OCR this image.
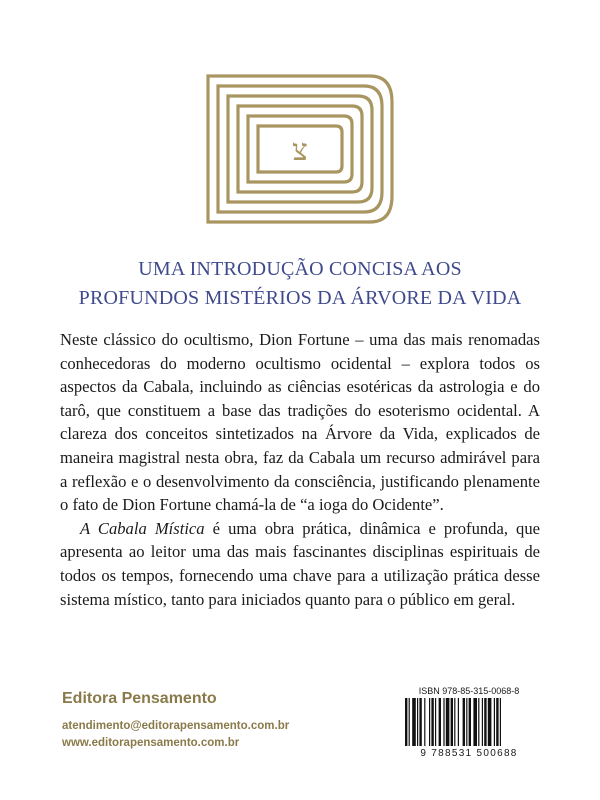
צ
UMA INTRODUÇÃO CONCISA AOS
PROFUNDOS MISTÉRIOS DA ÁRVORE DA VIDA

Neste clássico do ocultismo, Dion Fortune – uma das mais renomadas conhecedoras do moderno ocultismo ocidental – explora todos os aspectos da Cabala, incluindo as ciências esotéricas da astrologia e do tarô, que constituem a base das tradições do esoterismo ocidental. A clareza dos conceitos sintetizados na Árvore da Vida, explicados de maneira magistral nesta obra, faz da Cabala um recurso admirável para a reflexão e o desenvolvimento da consciência, justificando plenamente o fato de Dion Fortune chamá-la de “a ioga do Ocidente”.

A Cabala Mística é uma obra prática, dinâmica e profunda, que apresenta ao leitor uma das mais fascinantes disciplinas espirituais de todos os tempos, fornecendo uma chave para a utilização prática desse sistema místico, tanto para iniciados quanto para o público em geral.

Editora Pensamento
atendimento@editorapensamento.com.br
www.editorapensamento.com.br
ISBN 978-85-315-0068-8
9 788531 500688
